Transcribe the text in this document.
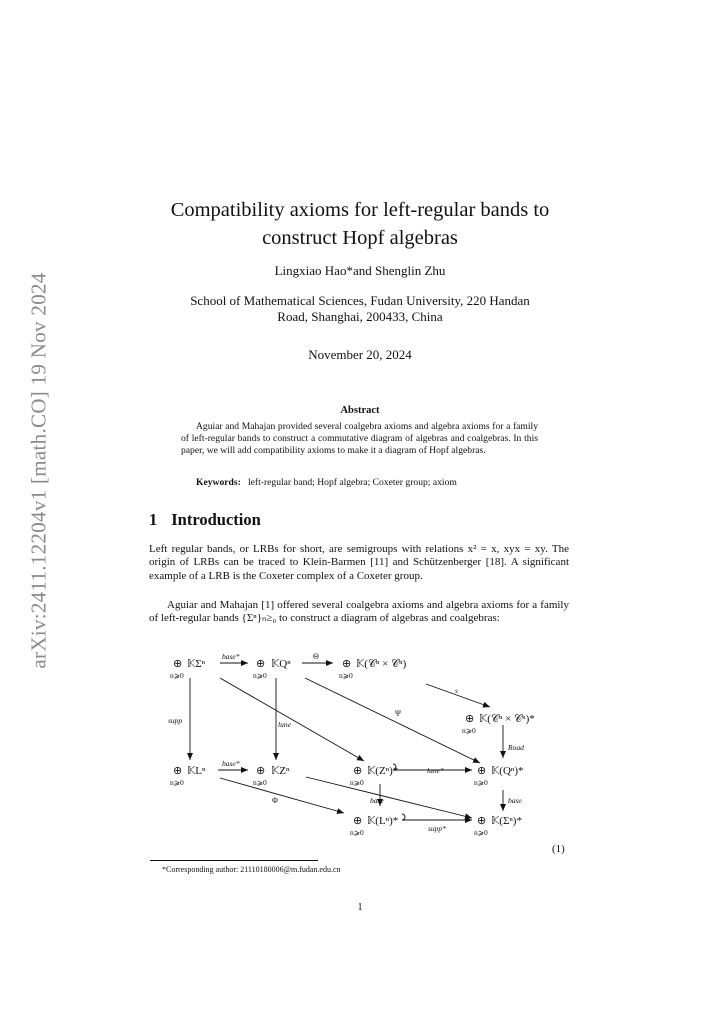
arXiv:2411.12204v1 [math.CO] 19 Nov 2024
Compatibility axioms for left-regular bands to
construct Hopf algebras
Lingxiao Hao*and Shenglin Zhu
School of Mathematical Sciences, Fudan University, 220 Handan
Road, Shanghai, 200433, China
November 20, 2024
Abstract

Aguiar and Mahajan provided several coalgebra axioms and algebra axioms for a family of left-regular bands to construct a commutative diagram of algebras and coalgebras. In this paper, we will add compatibility axioms to make it a diagram of Hopf algebras.

Keywords: left-regular band; Hopf algebra; Coxeter group; axiom
1 Introduction

Left regular bands, or LRBs for short, are semigroups with relations x² = x, xyx = xy. The origin of LRBs can be traced to Klein-Barmen [11] and Schützenberger [18]. A significant example of a LRB is the Coxeter complex of a Coxeter group.

Aguiar and Mahajan [1] offered several coalgebra axioms and algebra axioms for a family of left-regular bands {Σⁿ}ₙ≥₀ to construct a diagram of algebras and coalgebras:

⊕ 𝕂Σⁿ
n⩾0
⊕ 𝕂Qⁿ
n⩾0
⊕ 𝕂(𝒞ⁿ × 𝒞ⁿ)
n⩾0
⊕ 𝕂(𝒞ⁿ × 𝒞ⁿ)*
n⩾0
⊕ 𝕂Lⁿ
n⩾0
⊕ 𝕂Zⁿ
n⩾0
⊕ 𝕂(Zⁿ)*
n⩾0
⊕ 𝕂(Qⁿ)*
n⩾0
⊕ 𝕂(Lⁿ)*
n⩾0
⊕ 𝕂(Σⁿ)*
n⩾0
base*	Θ
s
Ψ
supp	lune
Road
base*
lune*
base
Φ	base
supp*
(1)
*Corresponding author: 21110180006@m.fudan.edu.cn
1
